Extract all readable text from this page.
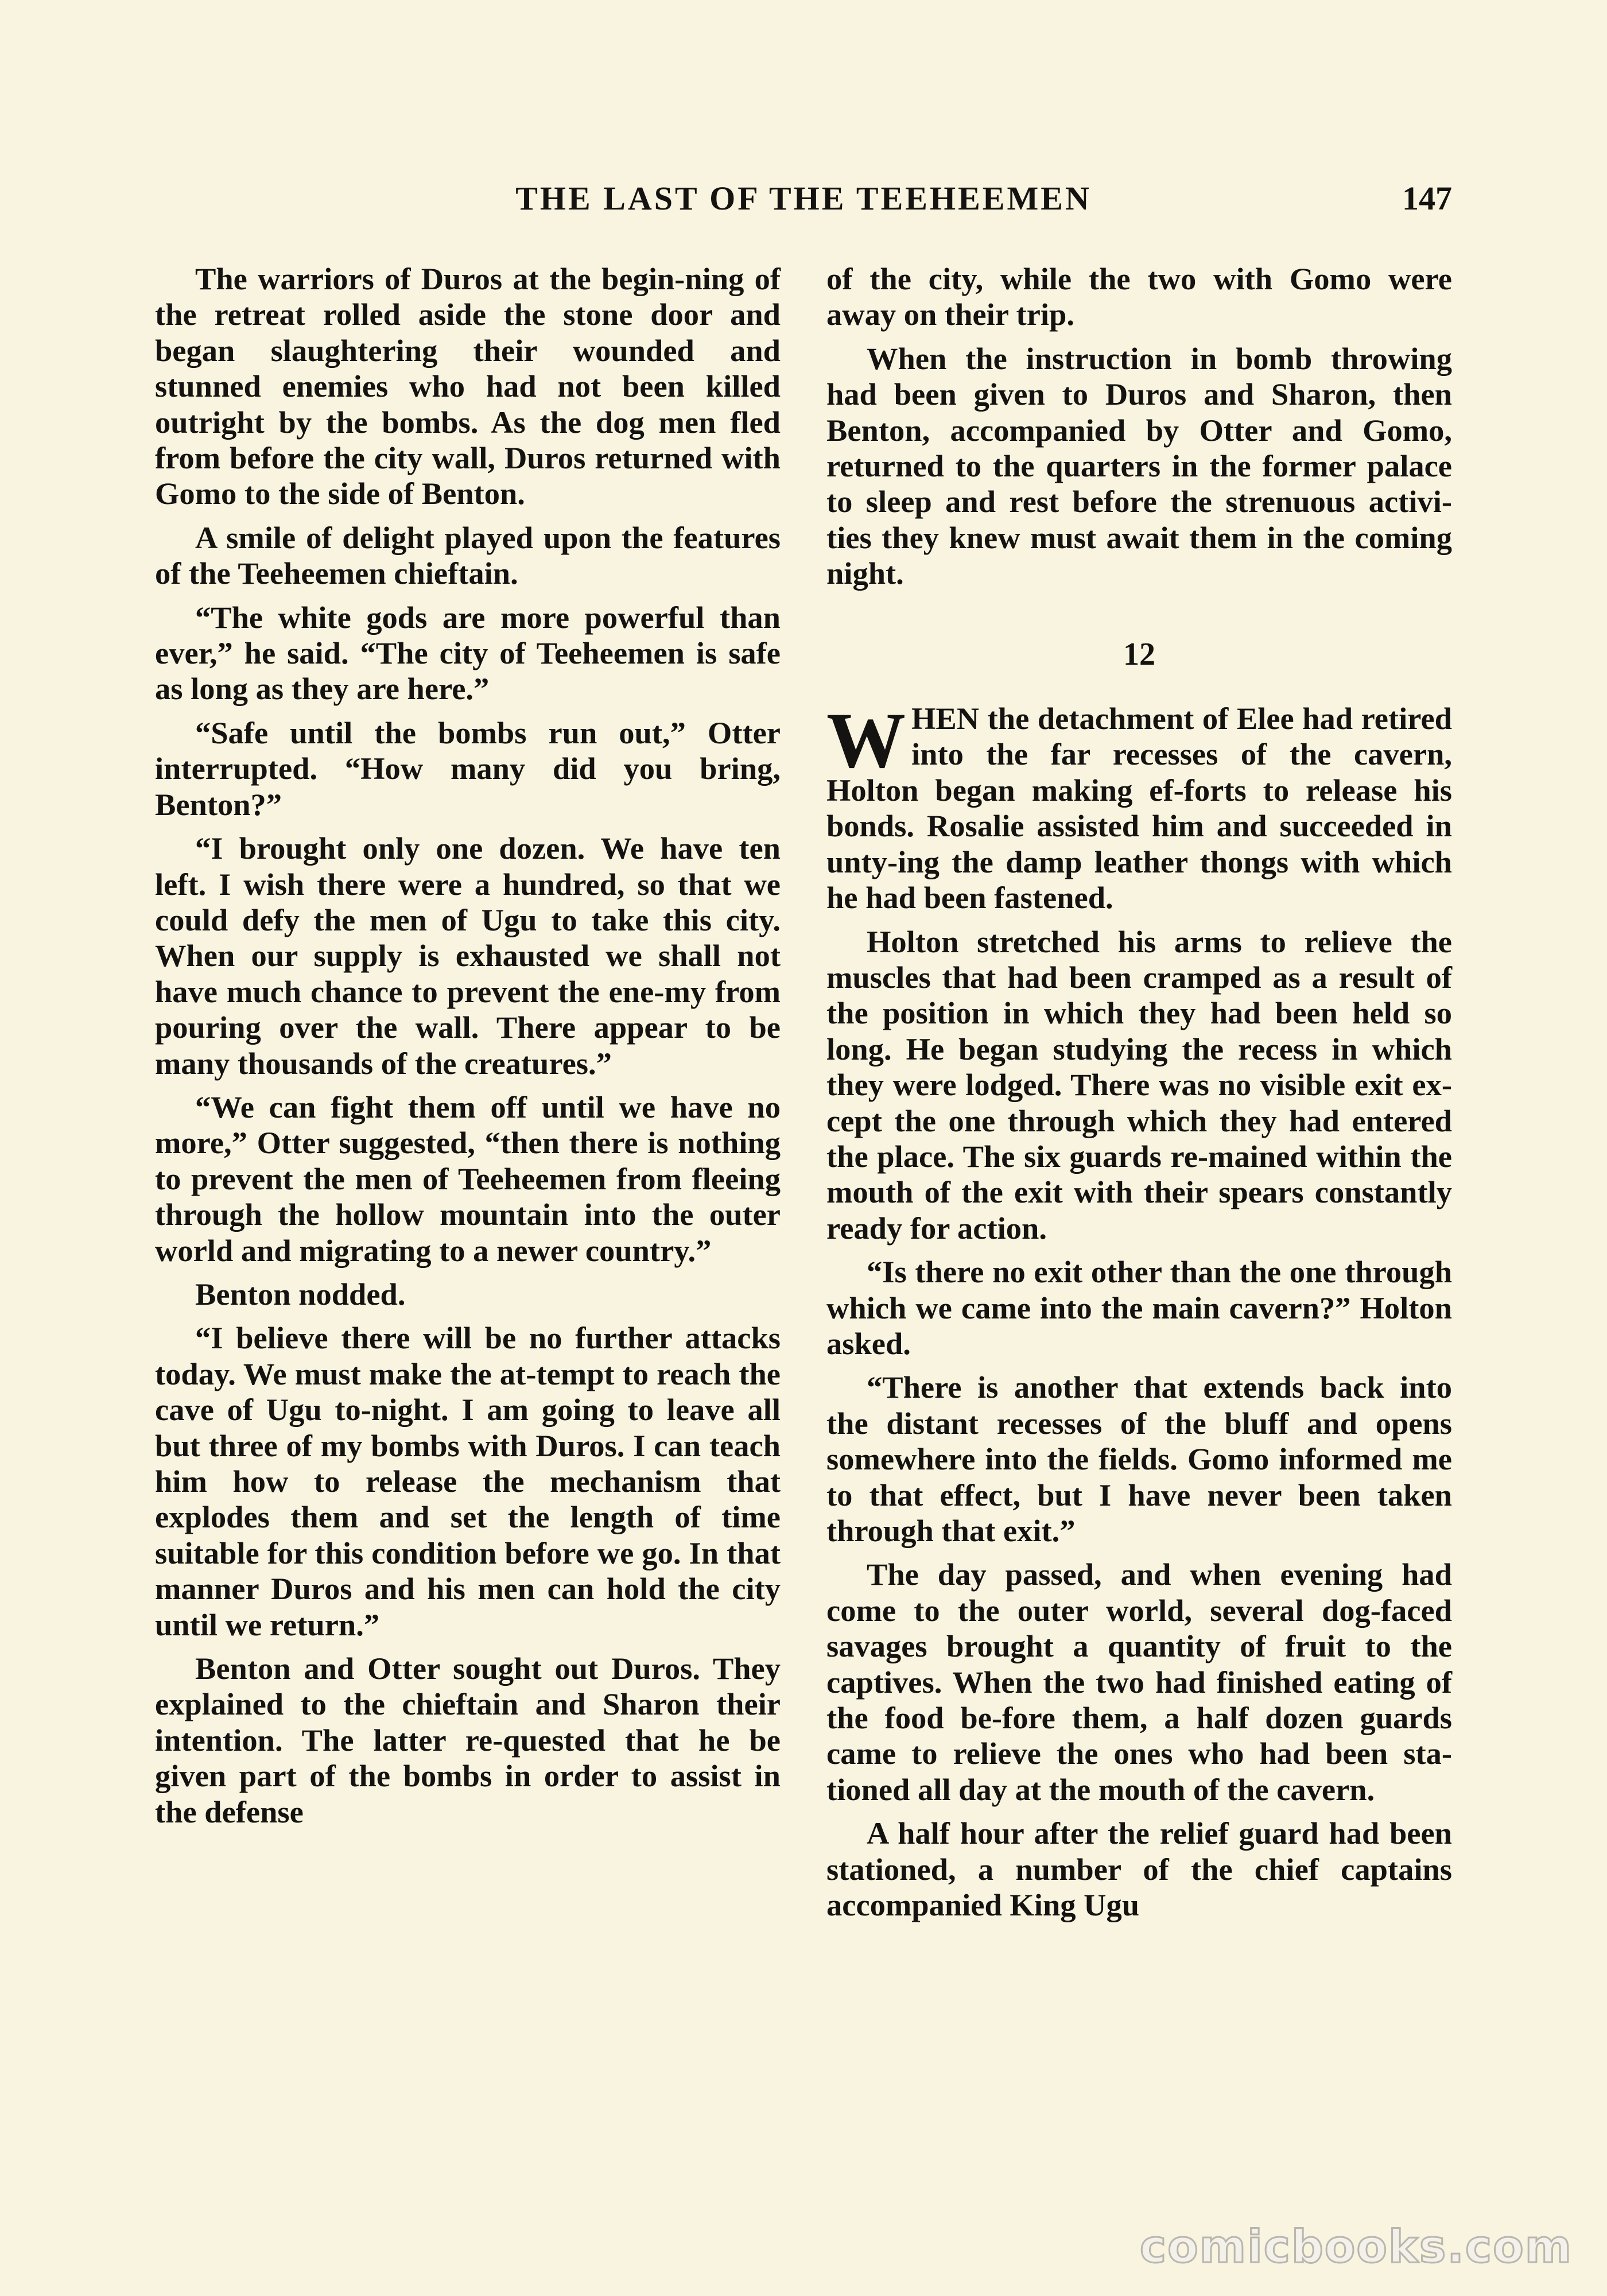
THE LAST OF THE TEEHEEMEN	147

The warriors of Duros at the begin-ning of the retreat rolled aside the stone door and began slaughtering their wounded and stunned enemies who had not been killed outright by the bombs. As the dog men fled from before the city wall, Duros returned with Gomo to the side of Benton.

A smile of delight played upon the features of the Teeheemen chieftain.

“The white gods are more powerful than ever,” he said. “The city of Teeheemen is safe as long as they are here.”

“Safe until the bombs run out,” Otter interrupted. “How many did you bring, Benton?”

“I brought only one dozen. We have ten left. I wish there were a hundred, so that we could defy the men of Ugu to take this city. When our supply is exhausted we shall not have much chance to prevent the ene-my from pouring over the wall. There appear to be many thousands of the creatures.”

“We can fight them off until we have no more,” Otter suggested, “then there is nothing to prevent the men of Teeheemen from fleeing through the hollow mountain into the outer world and migrating to a newer country.”

Benton nodded.

“I believe there will be no further attacks today. We must make the at-tempt to reach the cave of Ugu to-night. I am going to leave all but three of my bombs with Duros. I can teach him how to release the mechanism that explodes them and set the length of time suitable for this condition before we go. In that manner Duros and his men can hold the city until we return.”

Benton and Otter sought out Duros. They explained to the chieftain and Sharon their intention. The latter re-quested that he be given part of the bombs in order to assist in the defense

of the city, while the two with Gomo were away on their trip.

When the instruction in bomb throwing had been given to Duros and Sharon, then Benton, accompanied by Otter and Gomo, returned to the quarters in the former palace to sleep and rest before the strenuous activi-ties they knew must await them in the coming night.

12

WHEN the detachment of Elee had retired into the far recesses of the cavern, Holton began making ef-forts to release his bonds. Rosalie assisted him and succeeded in unty-ing the damp leather thongs with which he had been fastened.

Holton stretched his arms to relieve the muscles that had been cramped as a result of the position in which they had been held so long. He began studying the recess in which they were lodged. There was no visible exit ex-cept the one through which they had entered the place. The six guards re-mained within the mouth of the exit with their spears constantly ready for action.

“Is there no exit other than the one through which we came into the main cavern?” Holton asked.

“There is another that extends back into the distant recesses of the bluff and opens somewhere into the fields. Gomo informed me to that effect, but I have never been taken through that exit.”

The day passed, and when evening had come to the outer world, several dog-faced savages brought a quantity of fruit to the captives. When the two had finished eating of the food be-fore them, a half dozen guards came to relieve the ones who had been sta-tioned all day at the mouth of the cavern.

A half hour after the relief guard had been stationed, a number of the chief captains accompanied King Ugu

comicbooks.com
